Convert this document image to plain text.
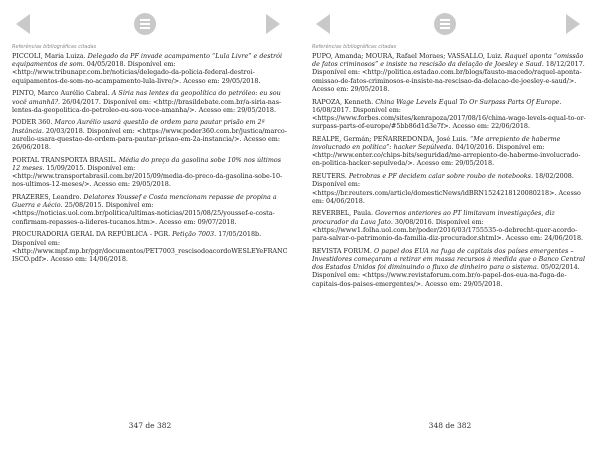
Referências bibliográficas citadas

PICCOLI, Maria Luiza. Delegado da PF invade acampamento “Lula Livre” e destrói equipamentos de som. 04/05/2018. Disponível em: <http://www.tribunapr.com.br/noticias/delegado-da-policia-federal-destroi-equipamentos-de-som-no-acampamento-lula-livre/>. Acesso em: 29/05/2018.

PINTO, Marco Aurélio Cabral. A Síria nas lentes da geopolítica do petróleo: eu sou você amanhã?. 26/04/2017. Disponível em: <http://brasildebate.com.br/a-siria-nas-lentes-da-geopolitica-do-petroleo-eu-sou-voce-amanha/>. Acesso em: 29/05/2018.

PODER 360. Marco Aurélio usará questão de ordem para pautar prisão em 2ª Instância. 20/03/2018. Disponível em: <https://www.poder360.com.br/justica/marco-aurelio-usara-questao-de-ordem-para-pautar-prisao-em-2a-instancia/>. Acesso em: 26/06/2018.

PORTAL TRANSPORTA BRASIL. Média do preço da gasolina sobe 10% nos últimos 12 meses. 15/09/2015. Disponível em: <http://www.transportabrasil.com.br/2015/09/media-do-preco-da-gasolina-sobe-10-nos-ultimos-12-meses/>. Acesso em: 29/05/2018.

PRAZERES, Leandro. Delatores Youssef e Costa mencionam repasse de propina a Guerra e Aécio. 25/08/2015. Disponível em: <https://noticias.uol.com.br/politica/ultimas-noticias/2015/08/25/youssef-e-costa-confirmam-repasses-a-lideres-tucanos.htm>. Acesso em: 09/07/2018.

PROCURADORIA GERAL DA REPÚBLICA - PGR. Petição 7003. 17/05/2018b. Disponível em: <http://www.mpf.mp.br/pgr/documentos/PET7003_rescisodoacordoWESLEYeFRANCISCO.pdf>. Acesso em: 14/06/2018.

347 de 382
Referências bibliográficas citadas

PUPO, Amanda; MOURA, Rafael Moraes; VASSALLO, Luiz. Raquel aponta “omissão de fatos criminosos” e insiste na rescisão da delação de Joesley e Saud. 18/12/2017. Disponível em: <http://politica.estadao.com.br/blogs/fausto-macedo/raquel-aponta-omissao-de-fatos-criminosos-e-insiste-na-rescisao-da-delacao-de-joesley-e-saud/>. Acesso em: 29/05/2018.

RAPOZA, Kenneth. China Wage Levels Equal To Or Surpass Parts Of Europe. 16/08/2017. Disponível em: <https://www.forbes.com/sites/kenrapoza/2017/08/16/china-wage-levels-equal-to-or-surpass-parts-of-europe/#5bb86d1d3e7f>. Acesso em: 22/06/2018.

REALPE, Germán; PEÑARREDONDA, José Luis. “Me arrepiento de haberme involucrado en política”: hacker Sepúlveda. 04/10/2016. Disponível em: <http://www.enter.co/chips-bits/seguridad/me-arrepiento-de-haberme-involucrado-en-politica-hacker-sepulveda/>. Acesso em: 29/05/2018.

REUTERS. Petrobras e PF decidem calar sobre roubo de notebooks. 18/02/2008. Disponível em: <https://br.reuters.com/article/domesticNews/idBRN1524218120080218>. Acesso em: 04/06/2018.

REVERBEL, Paula. Governos anteriores ao PT limitavam investigações, diz procurador da Lava Jato. 30/08/2016. Disponível em: <https://www1.folha.uol.com.br/poder/2016/03/1755535-o-debrecht-quer-acordo-para-salvar-o-patrimonio-da-familia-diz-procurador.shtml>. Acesso em: 24/06/2018.

REVISTA FORUM. O papel dos EUA na fuga de capitais dos países emergentes – Investidores começaram a retirar em massa recursos à medida que o Banco Central dos Estados Unidos foi diminuindo o fluxo de dinheiro para o sistema. 05/02/2014. Disponível em: <https://www.revistaforum.com.br/o-papel-dos-eua-na-fuga-de-capitais-dos-paises-emergentes/>. Acesso em: 29/05/2018.

348 de 382
